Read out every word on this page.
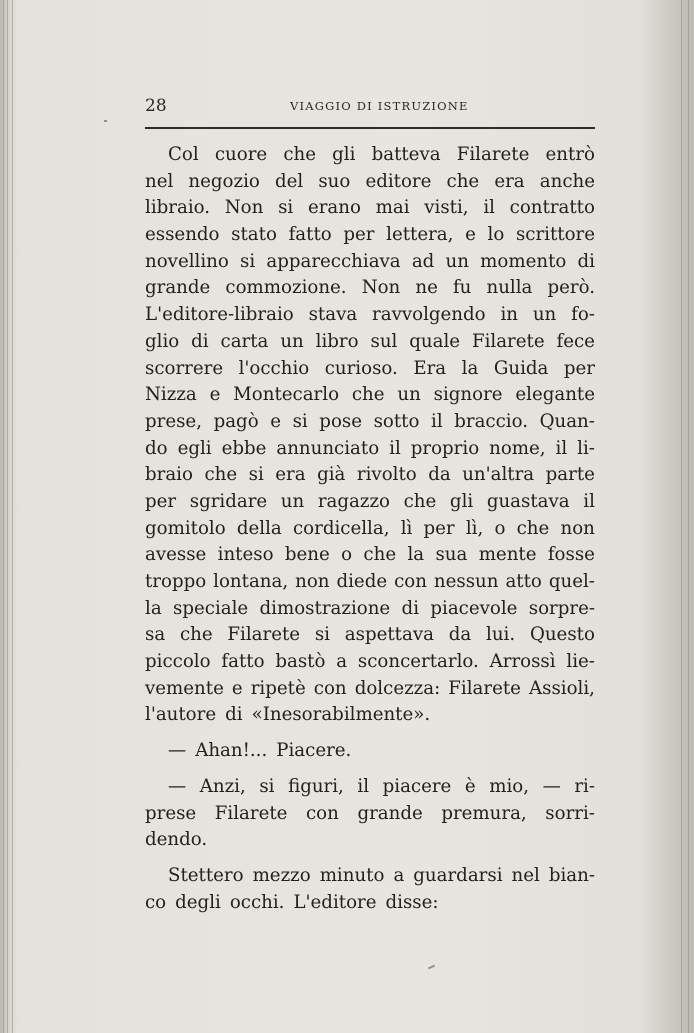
28	VIAGGIO DI ISTRUZIONE
Col cuore che gli batteva Filarete entrò
nel negozio del suo editore che era anche
libraio. Non si erano mai visti, il contratto
essendo stato fatto per lettera, e lo scrittore
novellino si apparecchiava ad un momento di
grande commozione. Non ne fu nulla però.
L'editore-libraio stava ravvolgendo in un fo-
glio di carta un libro sul quale Filarete fece
scorrere l'occhio curioso. Era la Guida per
Nizza e Montecarlo che un signore elegante
prese, pagò e si pose sotto il braccio. Quan-
do egli ebbe annunciato il proprio nome, il li-
braio che si era già rivolto da un'altra parte
per sgridare un ragazzo che gli guastava il
gomitolo della cordicella, lì per lì, o che non
avesse inteso bene o che la sua mente fosse
troppo lontana, non diede con nessun atto quel-
la speciale dimostrazione di piacevole sorpre-
sa che Filarete si aspettava da lui. Questo
piccolo fatto bastò a sconcertarlo. Arrossì lie-
vemente e ripetè con dolcezza: Filarete Assioli,
l'autore di «Inesorabilmente».
— Ahan!... Piacere.
— Anzi, si figuri, il piacere è mio, — ri-
prese Filarete con grande premura, sorri-
dendo.
Stettero mezzo minuto a guardarsi nel bian-
co degli occhi. L'editore disse:
